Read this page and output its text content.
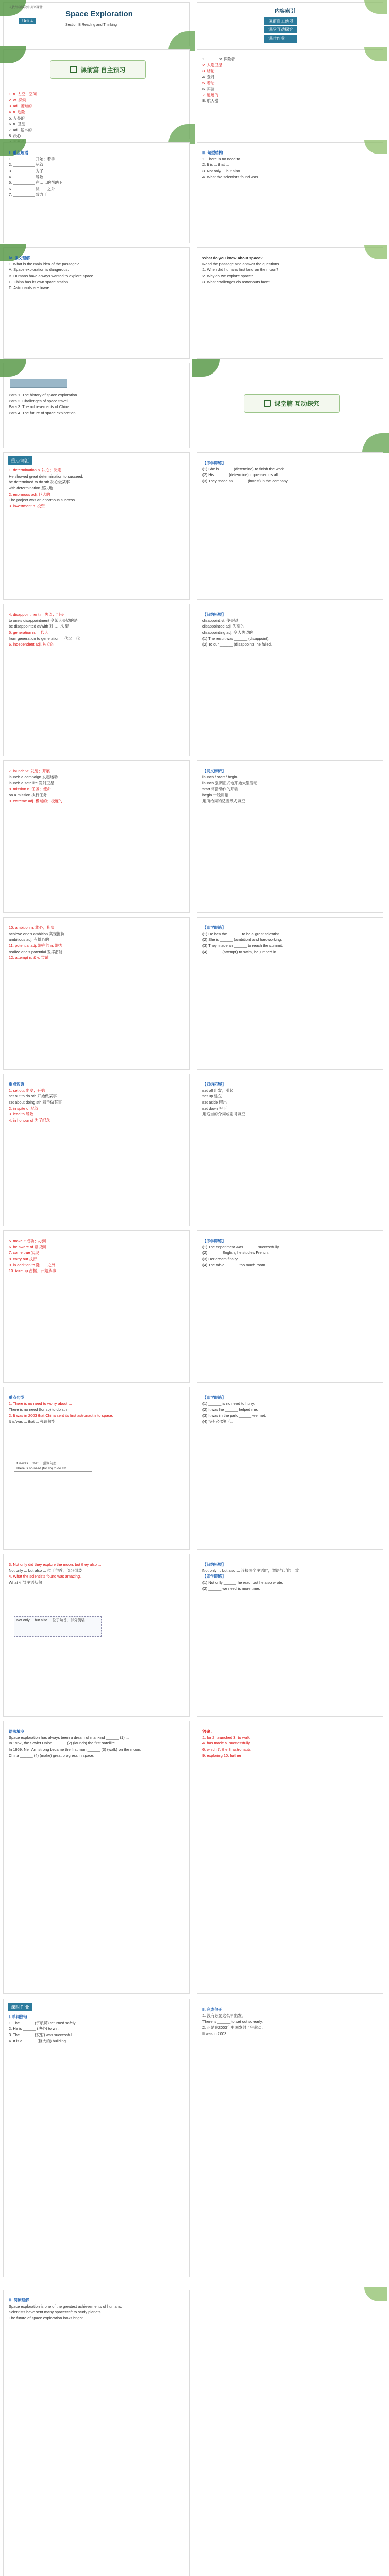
人教外研版高中英语课件
Space Exploration
Unit 4
Section B Reading and Thinking
内容索引
课前自主预习
课堂互动探究
课时作业
课前篇 自主预习
1. n. 太空；空间
2. vt. 探索
3. adj. 困难的
4. n. 危险
5. 人类的
6. n. 卫星
7. adj. 基本的
8. 决心
1.______ v. 探险者______
2. 人造卫星
3. 结论
4. 登月
5. 着陆
6. 实验
7. 遥远的
8. 航天器
Ⅱ. 重点短语
1. __________ 开始；着手
2. __________ 尽管
3. __________ 为了
4. __________ 导致
5. __________ 在……的帮助下
6. __________ 除……之外
7. __________ 致力于
Ⅲ. 句型结构
1. There is no need to ...
2. It is ... that ...
3. Not only ... but also ...
4. What the scientists found was ...
Ⅳ. 课文理解
1. What is the main idea of the passage?
A. Space exploration is dangerous.
B. Humans have always wanted to explore space.
C. China has its own space station.
D. Astronauts are brave.
What do you know about space?
Read the passage and answer the questions.
1. When did humans first land on the moon?
2. Why do we explore space?
3. What challenges do astronauts face?
Para 1. The history of space exploration
Para 2. Challenges of space travel
Para 3. The achievements of China
Para 4. The future of space exploration
课堂篇 互动探究
重点词汇
1. determination n. 决心；决定
He showed great determination to succeed.
be determined to do sth 决心做某事
with determination 坚决地
2. enormous adj. 巨大的
The project was an enormous success.
3. investment n. 投资
【即学即练】
(1) She is ______ (determine) to finish the work.
(2) His ______ (determine) impressed us all.
(3) They made an ______ (invest) in the company.
4. disappointment n. 失望；沮丧
to one's disappointment 令某人失望的是
be disappointed at/with 对……失望
5. generation n. 一代人
from generation to generation 一代又一代
6. independent adj. 独立的
【归纳拓展】
disappoint vt. 使失望
disappointed adj. 失望的
disappointing adj. 令人失望的
(1) The result was ______ (disappoint).
(2) To our ______ (disappoint), he failed.
7. launch vt. 发射；开展
launch a campaign 发起运动
launch a satellite 发射卫星
8. mission n. 任务；使命
on a mission 执行任务
9. extreme adj. 极端的；极度的
【词义辨析】
launch / start / begin
launch 强调正式地开始大型活动
start 常指动作的开端
begin 一般用语
用所给词的适当形式填空
10. ambition n. 雄心；抱负
achieve one's ambition 实现抱负
ambitious adj. 有雄心的
11. potential adj. 潜在的 n. 潜力
realize one's potential 发挥潜能
12. attempt n. & v. 尝试
【即学即练】
(1) He has the ______ to be a great scientist.
(2) She is ______ (ambition) and hardworking.
(3) They made an ______ to reach the summit.
(4) ______ (attempt) to swim, he jumped in.
重点短语
1. set out 出发；开始
set out to do sth 开始做某事
set about doing sth 着手做某事
2. in spite of 尽管
3. lead to 导致
4. in honour of 为了纪念
【归纳拓展】
set off 出发；引起
set up 建立
set aside 留出
set down 写下
用适当的介词或副词填空
5. make it 成功；办到
6. be aware of 意识到
7. come true 实现
8. carry out 执行
9. in addition to 除……之外
10. take up 占据；开始从事
【即学即练】
(1) The experiment was ______ successfully.
(2) ______ English, he studies French.
(3) Her dream finally ______.
(4) The table ______ too much room.
重点句型
1. There is no need to worry about ...
There is no need (for sb) to do sth
2. It was in 2003 that China sent its first astronaut into space.
It is/was ... that ... 强调句型
It is/was ... that ... 强调句型
There is no need (for sb) to do sth
【即学即练】
(1) ______ is no need to hurry.
(2) It was he ______ helped me.
(3) It was in the park ______ we met.
(4) 没有必要担心。
3. Not only did they explore the moon, but they also ...
Not only ... but also ... 位于句首，部分倒装
4. What the scientists found was amazing.
What 引导主语从句
Not only ... but also ... 位于句首，部分倒装
【归纳拓展】
Not only ... but also ... 连接两个主语时，谓语与近的一致
【即学即练】
(1) Not only ______ he read, but he also wrote.
(2) ______ we need is more time.
语法填空
Space exploration has always been a dream of mankind ______ (1) ...
In 1957, the Soviet Union ______ (2) (launch) the first satellite.
In 1969, Neil Armstrong became the first man ______ (3) (walk) on the moon.
China ______ (4) (make) great progress in space.
答案：
1. for 2. launched 3. to walk
4. has made 5. successfully
6. which 7. the 8. astronauts
9. exploring 10. further
课时作业
Ⅰ. 单词拼写
1. The ______ (宇航员) returned safely.
2. He is ______ (决心) to win.
3. The ______ (发射) was successful.
4. It is a ______ (巨大的) building.
Ⅱ. 完成句子
1. 没有必要这么早出发。
There is ______ to set out so early.
2. 正是在2003年中国发射了宇航员。
It was in 2003 ______ ...
Ⅲ. 阅读理解
Space exploration is one of the greatest achievements of humans.
Scientists have sent many spacecraft to study planets.
The future of space exploration looks bright.
